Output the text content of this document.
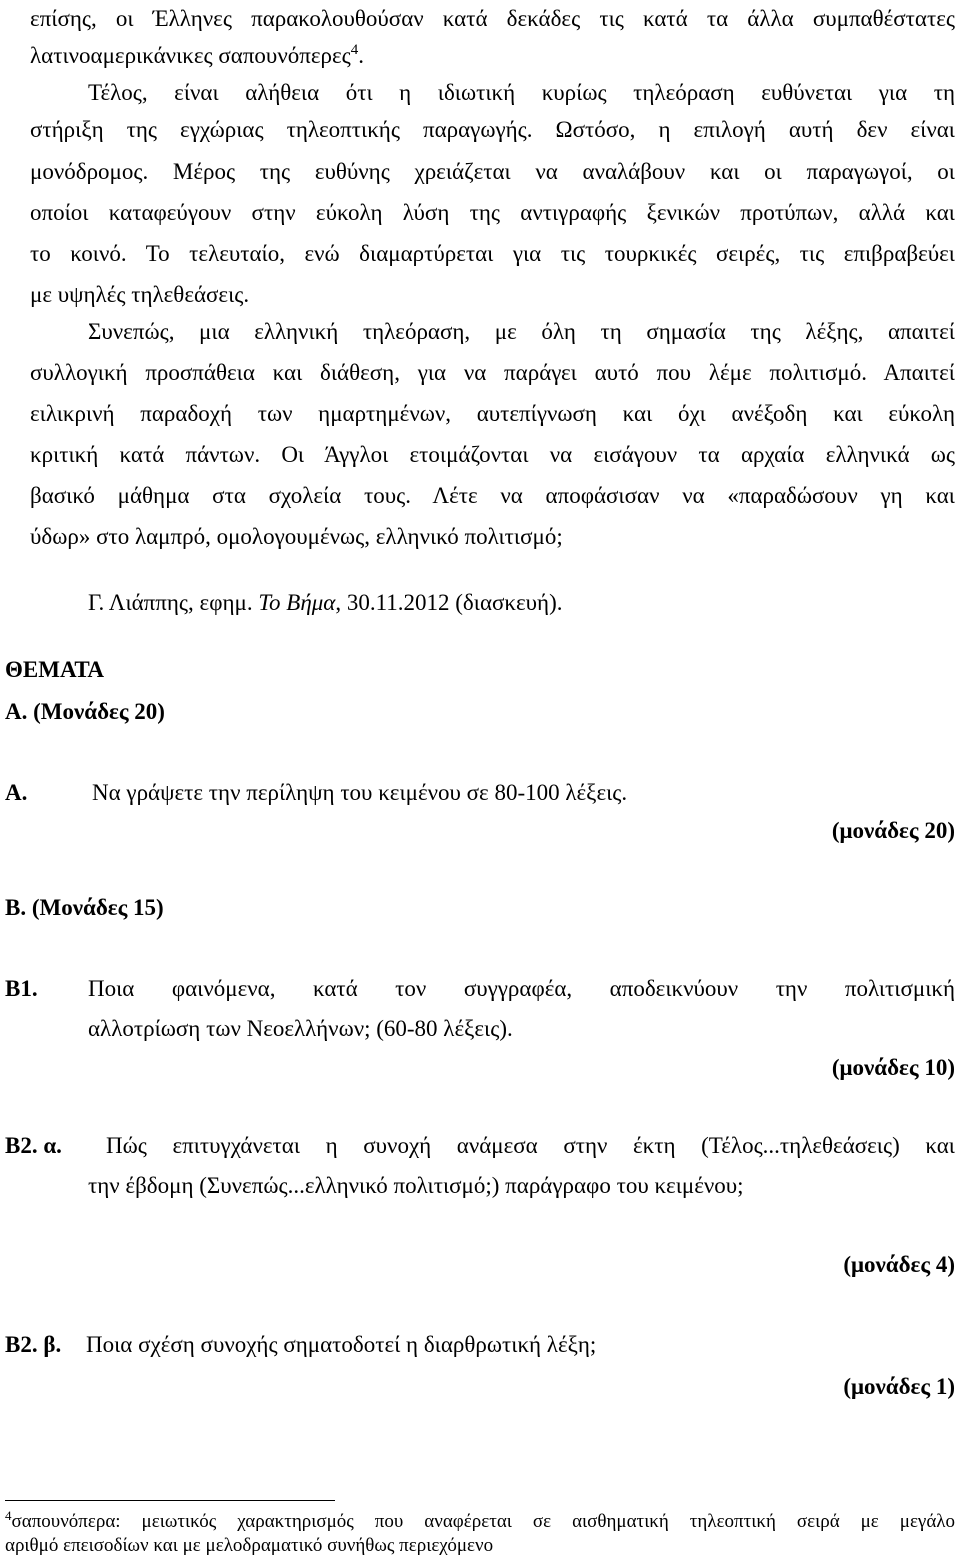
επίσης, οι Έλληνες παρακολουθούσαν κατά δεκάδες τις κατά τα άλλα συμπαθέστατες
λατινοαμερικάνικες σαπουνόπερες$^4$.
Τέλος, είναι αλήθεια ότι η ιδιωτική κυρίως τηλεόραση ευθύνεται για τη
στήριξη της εγχώριας τηλεοπτικής παραγωγής. Ωστόσο, η επιλογή αυτή δεν είναι
μονόδρομος. Μέρος της ευθύνης χρειάζεται να αναλάβουν και οι παραγωγοί, οι
οποίοι καταφεύγουν στην εύκολη λύση της αντιγραφής ξενικών προτύπων, αλλά και
το κοινό. Το τελευταίο, ενώ διαμαρτύρεται για τις τουρκικές σειρές, τις επιβραβεύει
με υψηλές τηλεθεάσεις.
Συνεπώς, μια ελληνική τηλεόραση, με όλη τη σημασία της λέξης, απαιτεί
συλλογική προσπάθεια και διάθεση, για να παράγει αυτό που λέμε πολιτισμό. Απαιτεί
ειλικρινή παραδοχή των ημαρτημένων, αυτεπίγνωση και όχι ανέξοδη και εύκολη
κριτική κατά πάντων. Οι Άγγλοι ετοιμάζονται να εισάγουν τα αρχαία ελληνικά ως
βασικό μάθημα στα σχολεία τους. Λέτε να αποφάσισαν να «παραδώσουν γη και
ύδωρ» στο λαμπρό, ομολογουμένως, ελληνικό πολιτισμό;
Γ. Λιάππης, εφημ. Το Βήμα, 30.11.2012 (διασκευή).
ΘΕΜΑΤΑ
Α. (Μονάδες 20)
Α.	Να γράψετε την περίληψη του κειμένου σε 80-100 λέξεις.
(μονάδες 20)
Β. (Μονάδες 15)
Β1. Ποια φαινόμενα, κατά τον συγγραφέα, αποδεικνύουν την πολιτισμική
αλλοτρίωση των Νεοελλήνων; (60-80 λέξεις).
(μονάδες 10)
Β2. α. Πώς επιτυγχάνεται η συνοχή ανάμεσα στην έκτη (Τέλος...τηλεθεάσεις) και
την έβδομη (Συνεπώς...ελληνικό πολιτισμό;) παράγραφο του κειμένου;
(μονάδες 4)
Β2. β. Ποια σχέση συνοχής σηματοδοτεί η διαρθρωτική λέξη;
(μονάδες 1)
$^4$σαπουνόπερα: μειωτικός χαρακτηρισμός που αναφέρεται σε αισθηματική τηλεοπτική σειρά με μεγάλο
αριθμό επεισοδίων και με μελοδραματικό συνήθως περιεχόμενο
